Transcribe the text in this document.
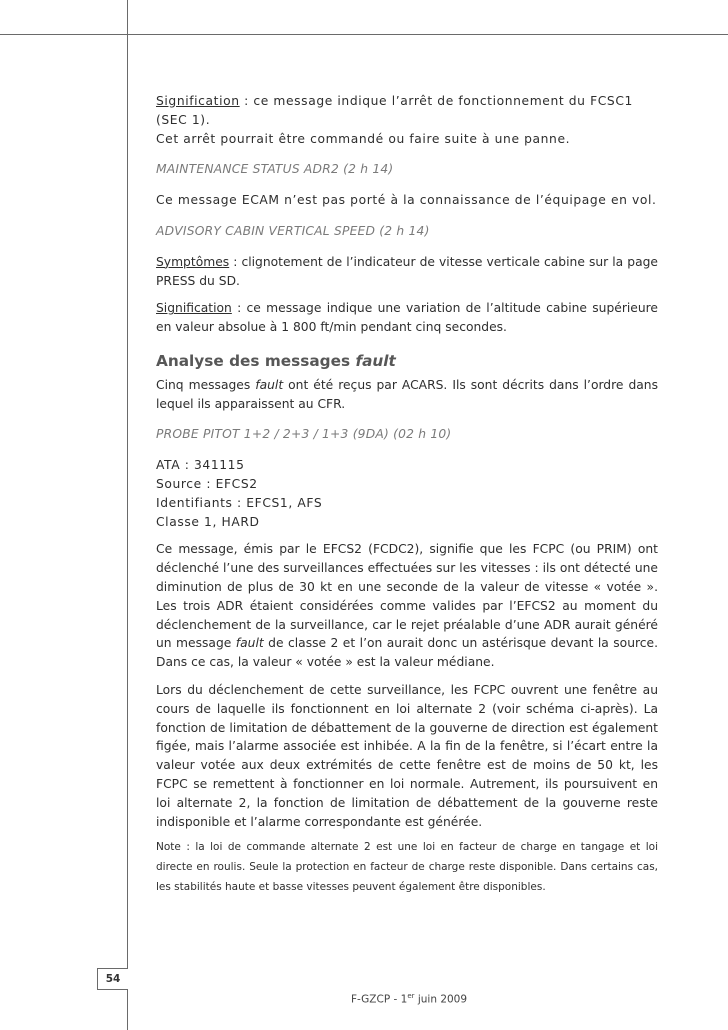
Signification : ce message indique l’arrêt de fonctionnement du FCSC1 (SEC 1).
Cet arrêt pourrait être commandé ou faire suite à une panne.

MAINTENANCE STATUS ADR2 (2 h 14)

Ce message ECAM n’est pas porté à la connaissance de l’équipage en vol.

ADVISORY CABIN VERTICAL SPEED (2 h 14)

Symptômes : clignotement de l’indicateur de vitesse verticale cabine sur la page PRESS du SD.

Signification : ce message indique une variation de l’altitude cabine supérieure en valeur absolue à 1 800 ft/min pendant cinq secondes.

Analyse des messages fault

Cinq messages fault ont été reçus par ACARS. Ils sont décrits dans l’ordre dans lequel ils apparaissent au CFR.

PROBE PITOT 1+2 / 2+3 / 1+3 (9DA) (02 h 10)

ATA : 341115
Source : EFCS2
Identifiants : EFCS1, AFS
Classe 1, HARD

Ce message, émis par le EFCS2 (FCDC2), signifie que les FCPC (ou PRIM) ont déclenché l’une des surveillances effectuées sur les vitesses : ils ont détecté une diminution de plus de 30 kt en une seconde de la valeur de vitesse « votée ». Les trois ADR étaient considérées comme valides par l’EFCS2 au moment du déclenchement de la surveillance, car le rejet préalable d’une ADR aurait généré un message fault de classe 2 et l’on aurait donc un astérisque devant la source. Dans ce cas, la valeur « votée » est la valeur médiane.

Lors du déclenchement de cette surveillance, les FCPC ouvrent une fenêtre au cours de laquelle ils fonctionnent en loi alternate 2 (voir schéma ci-après). La fonction de limitation de débattement de la gouverne de direction est également figée, mais l’alarme associée est inhibée. A la fin de la fenêtre, si l’écart entre la valeur votée aux deux extrémités de cette fenêtre est de moins de 50 kt, les FCPC se remettent à fonctionner en loi normale. Autrement, ils poursuivent en loi alternate 2, la fonction de limitation de débattement de la gouverne reste indisponible et l’alarme correspondante est générée.

Note : la loi de commande alternate 2 est une loi en facteur de charge en tangage et loi directe en roulis. Seule la protection en facteur de charge reste disponible. Dans certains cas, les stabilités haute et basse vitesses peuvent également être disponibles.

54
F-GZCP - 1er juin 2009
